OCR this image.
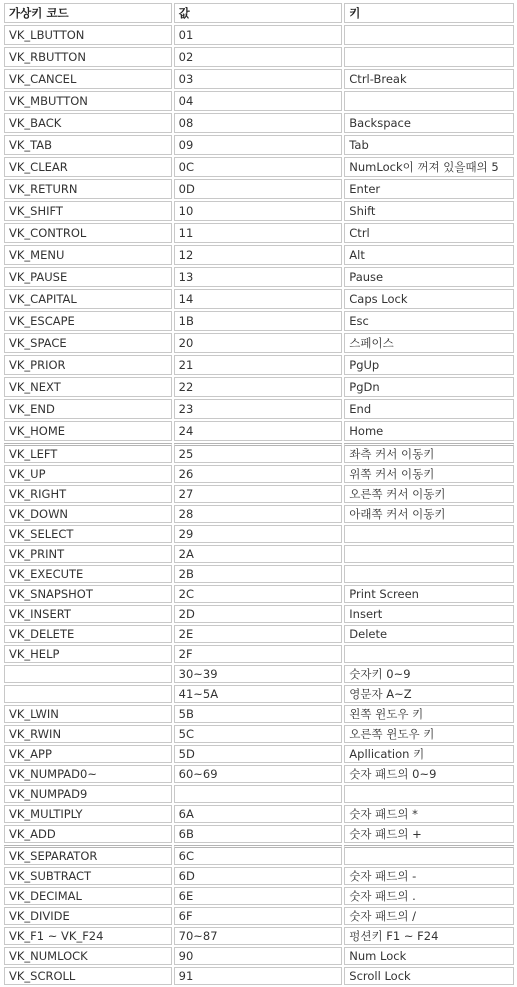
가상키 코드	값	키
VK_LBUTTON	01	
VK_RBUTTON	02	
VK_CANCEL	03	Ctrl-Break
VK_MBUTTON	04	
VK_BACK	08	Backspace
VK_TAB	09	Tab
VK_CLEAR	0C	NumLock이 꺼져 있을때의 5
VK_RETURN	0D	Enter
VK_SHIFT	10	Shift
VK_CONTROL	11	Ctrl
VK_MENU	12	Alt
VK_PAUSE	13	Pause
VK_CAPITAL	14	Caps Lock
VK_ESCAPE	1B	Esc
VK_SPACE	20	스페이스
VK_PRIOR	21	PgUp
VK_NEXT	22	PgDn
VK_END	23	End
VK_HOME	24	Home
VK_LEFT	25	좌측 커서 이동키
VK_UP	26	위쪽 커서 이동키
VK_RIGHT	27	오른쪽 커서 이동키
VK_DOWN	28	아래쪽 커서 이동키
VK_SELECT	29	
VK_PRINT	2A	
VK_EXECUTE	2B	
VK_SNAPSHOT	2C	Print Screen
VK_INSERT	2D	Insert
VK_DELETE	2E	Delete
VK_HELP	2F	
	30~39	숫자키 0~9
	41~5A	영문자 A~Z
VK_LWIN	5B	왼쪽 윈도우 키
VK_RWIN	5C	오른쪽 윈도우 키
VK_APP	5D	Apllication 키
VK_NUMPAD0~	60~69	숫자 패드의 0~9
VK_NUMPAD9		
VK_MULTIPLY	6A	숫자 패드의 *
VK_ADD	6B	숫자 패드의 +
VK_SEPARATOR	6C	
VK_SUBTRACT	6D	숫자 패드의 -
VK_DECIMAL	6E	숫자 패드의 .
VK_DIVIDE	6F	숫자 패드의 /
VK_F1 ~ VK_F24	70~87	펑션키 F1 ~ F24
VK_NUMLOCK	90	Num Lock
VK_SCROLL	91	Scroll Lock
